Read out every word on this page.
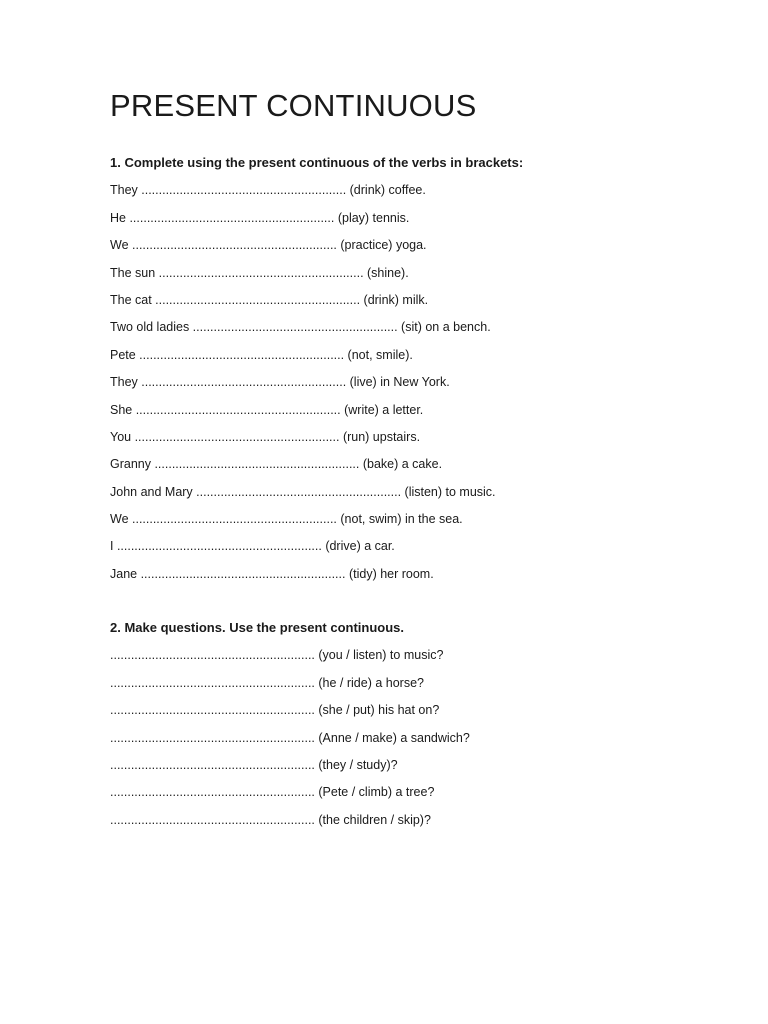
PRESENT CONTINUOUS

1. Complete using the present continuous of the verbs in brackets:

They ........................................................... (drink) coffee.
He ........................................................... (play) tennis.
We ........................................................... (practice) yoga.
The sun ........................................................... (shine).
The cat ........................................................... (drink) milk.
Two old ladies ........................................................... (sit) on a bench.
Pete ........................................................... (not, smile).
They ........................................................... (live) in New York.
She ........................................................... (write) a letter.
You ........................................................... (run) upstairs.
Granny ........................................................... (bake) a cake.
John and Mary ........................................................... (listen) to music.
We ........................................................... (not, swim) in the sea.
I ........................................................... (drive) a car.
Jane ........................................................... (tidy) her room.

2. Make questions. Use the present continuous.

........................................................... (you / listen) to music?
........................................................... (he / ride) a horse?
........................................................... (she / put) his hat on?
........................................................... (Anne / make) a sandwich?
........................................................... (they / study)?
........................................................... (Pete / climb) a tree?
........................................................... (the children / skip)?
